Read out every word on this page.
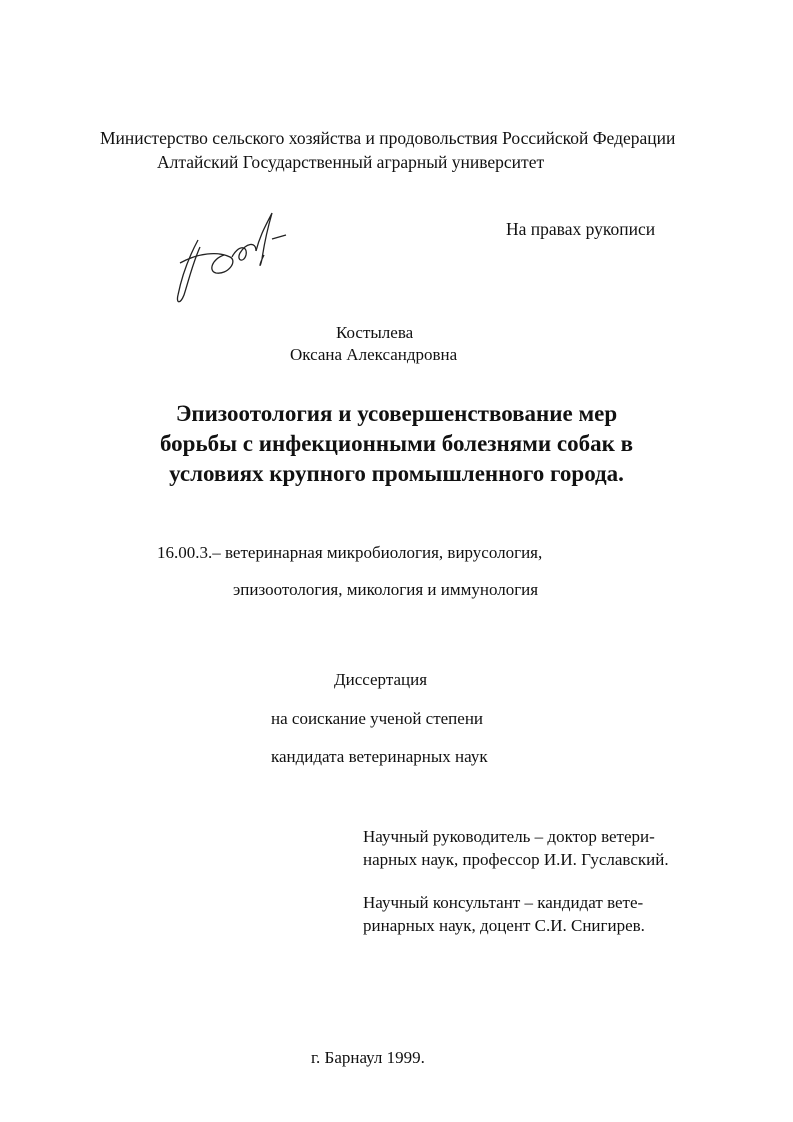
Министерство сельского хозяйства и продовольствия Российской Федерации
Алтайский Государственный аграрный университет
На правах рукописи
Костылева
Оксана Александровна
Эпизоотология и усовершенствование мер
борьбы с инфекционными болезнями собак в
условиях крупного промышленного города.
16.00.3.– ветеринарная микробиология, вирусология,
эпизоотология, микология и иммунология
Диссертация
на соискание ученой степени
кандидата ветеринарных наук
Научный руководитель – доктор ветери-
нарных наук, профессор И.И. Гуславский.
Научный консультант – кандидат вете-
ринарных наук, доцент С.И. Снигирев.
г. Барнаул 1999.
